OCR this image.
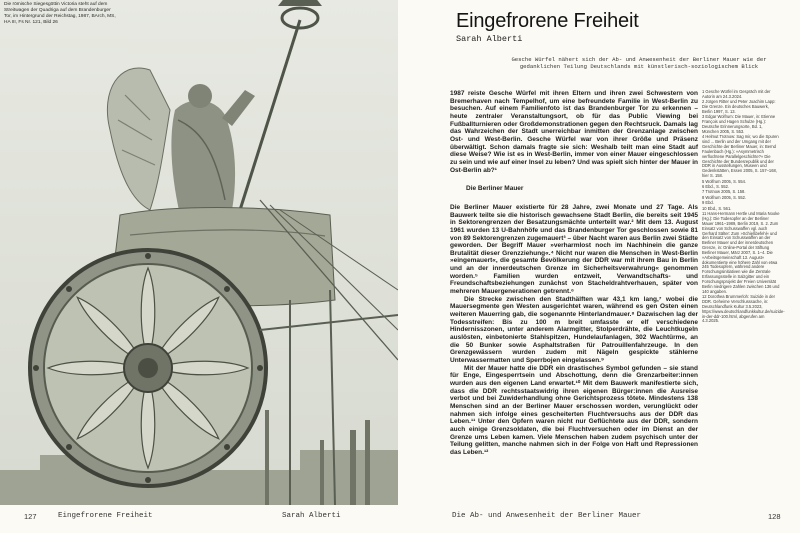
Die römische Siegesgöttin Victoria steht auf dem Streitwagen der Quadriga auf dem Brandenburger Tor, im Hintergrund der Reichstag, 1987, BArch, MS, HA III, Fs Nr. 121, Bild 26
127	Eingefrorene Freiheit	Sarah Alberti
Eingefrorene Freiheit
Sarah Alberti
Gesche Würfel nähert sich der Ab- und Anwesenheit der Berliner Mauer wie der gedanklichen Teilung Deutschlands mit künstlerisch-soziologischem Blick

1987 reiste Gesche Würfel mit ihren Eltern und ihren zwei Schwestern von Bremerhaven nach Tempelhof, um eine befreundete Familie in West-Berlin zu besuchen. Auf einem Familienfoto ist das Brandenburger Tor zu erkennen – heute zentraler Veranstaltungsort, ob für das Public Viewing bei Fußballturnieren oder Großdemonstrationen gegen den Rechtsruck. Damals lag das Wahrzeichen der Stadt unerreichbar inmitten der Grenzanlage zwischen Ost- und West-Berlin. Gesche Würfel war von ihrer Größe und Präsenz überwältigt. Schon damals fragte sie sich: Weshalb teilt man eine Stadt auf diese Weise? Wie ist es in West-Berlin, immer von einer Mauer eingeschlossen zu sein und wie auf einer Insel zu leben? Und was spielt sich hinter der Mauer in Ost-Berlin ab?¹

Die Berliner Mauer

Die Berliner Mauer existierte für 28 Jahre, zwei Monate und 27 Tage. Als Bauwerk teilte sie die historisch gewachsene Stadt Berlin, die bereits seit 1945 in Sektorengrenzen der Besatzungsmächte unterteilt war.² Mit dem 13. August 1961 wurden 13 U-Bahnhöfe und das Brandenburger Tor geschlossen sowie 81 von 89 Sektorengrenzen zugemauert³ – über Nacht waren aus Berlin zwei Städte geworden. Der Begriff Mauer »verharmlost noch im Nachhinein die ganze Brutalität dieser Grenzziehung«.⁴ Nicht nur waren die Menschen in West-Berlin »eingemauert«, die gesamte Bevölkerung der DDR war mit ihrem Bau in Berlin und an der innerdeutschen Grenze im Sicherheitsverwahrung« genommen worden.⁵ Familien wurden entzweit, Verwandtschafts- und Freundschaftsbeziehungen zunächst von Stacheldrahtverhauen, später von mehreren Mauergenerationen getrennt.⁶

Die Strecke zwischen den Stadthälften war 43,1 km lang,⁷ wobei die Mauersegmente gen Westen ausgerichtet waren, während es gen Osten einen weiteren Mauerring gab, die sogenannte Hinterlandmauer.⁸ Dazwischen lag der Todesstreifen: Bis zu 100 m breit umfasste er elf verschiedene Hindernisszonen, unter anderem Alarmgitter, Stolperdrähte, die Leuchtkugeln auslösten, einbetonierte Stahlspitzen, Hundelaufanlagen, 302 Wachtürme, an die 50 Bunker sowie Asphaltstraßen für Patrouillenfahrzeuge. In den Grenzgewässern wurden zudem mit Nägeln gespickte stählerne Unterwassermatten und Sperrbojen eingelassen.⁹

Mit der Mauer hatte die DDR ein drastisches Symbol gefunden – sie stand für Enge, Eingesperrtsein und Abschottung, denn die Grenzarbeiter:innen wurden aus den eigenen Land erwartet.¹⁰ Mit dem Bauwerk manifestierte sich, dass die DDR rechtsstaatswidrig ihren eigenen Bürger:innen die Ausreise verbot und bei Zuwiderhandlung ohne Gerichtsprozess tötete. Mindestens 138 Menschen sind an der Berliner Mauer erschossen worden, verunglückt oder nahmen sich infolge eines gescheiterten Fluchtversuchs aus der DDR das Leben.¹¹ Unter den Opfern waren nicht nur Geflüchtete aus der DDR, sondern auch einige Grenzsoldaten, die bei Fluchtversuchen oder im Dienst an der Grenze ums Leben kamen. Viele Menschen haben zudem psychisch unter der Teilung gelitten, manche nahmen sich in der Folge von Haft und Repressionen das Leben.¹²

1 Gesche Würfel im Gespräch mit der Autorin am 24.3.2024.
2 Jürgen Ritter und Peter Joachim Lapp: Die Grenze. Ein deutsches Bauwerk, Berlin 1997, S. 13.
3 Edgar Wolfrum: Die Mauer, in: Etienne François und Hagen Schulze (Hg.): Deutsche Erinnerungsorte, Bd. 1, München 2005, S. 553.
4 Helmut Trotnow: Sag mir, wo die Spuren sind ... Berlin und der Umgang mit der Geschichte der Berliner Mauer, in: Bernd Faulenbach (Hg.): »Asymmetrisch verflochtene Parallelgeschichte?« Die Geschichte der Bundesrepublik und der DDR in Ausstellungen, Museen und Gedenkstätten, Essen 2005, S. 157–168, hier S. 158.
5 Wolfrum 2005, S. 554.
6 Ebd., S. 552.
7 Trotnow 2005, S. 158.
8 Wolfrum 2005, S. 552.
9 Ebd.
10 Ebd., S. 561.
11 Hans-Hermann Hertle und Maria Nooke (Hg.): Die Todesopfer an der Berliner Mauer 1961–1989, Berlin 2019, S. 2. Zum Einsatz von Schusswaffen vgl. auch Gerhard Sälter: Zum »Schießbefehl« und den Einsatz von Schusswaffen an der Berliner Mauer und der innerdeutschen Grenze, in: Online-Portal der Stiftung Berliner Mauer, März 2007, S. 1–4. Die »Arbeitsgemeinschaft 13. August« dokumentierte eine höhere Zahl von etwa 245 Todesopfern, während andere Forschungsinitiativen wie die Zentrale Erfassungsstelle in Salzgitter und ein Forschungsprojekt der Freien Universität Berlin niedrigere Zahlen zwischen 136 und 140 angaben.
12 Dorothea Brummerloh: Suizide in der DDR. Geheime Verschlusssache, in: Deutschlandfunk Kultur 3.5.2023, https://www.deutschlandfunkkultur.de/suizide-in-der-ddr-100.html, abgerufen am 4.3.2025.
Die Ab- und Anwesenheit der Berliner Mauer	128
